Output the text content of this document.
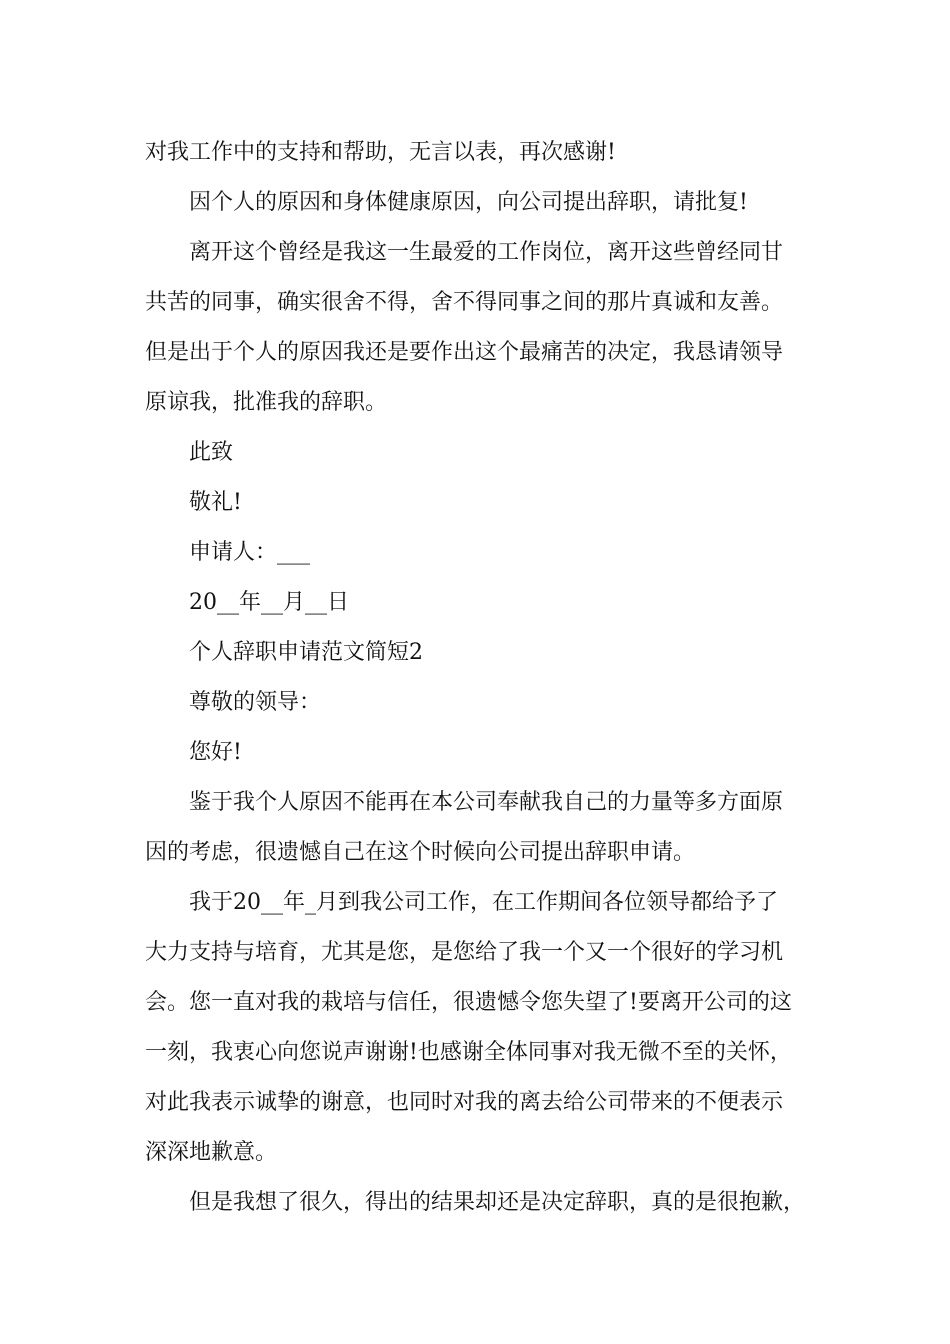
对我工作中的支持和帮助，无言以表，再次感谢!
因个人的原因和身体健康原因，向公司提出辞职，请批复!
离开这个曾经是我这一生最爱的工作岗位，离开这些曾经同甘
共苦的同事，确实很舍不得，舍不得同事之间的那片真诚和友善。
但是出于个人的原因我还是要作出这个最痛苦的决定，我恳请领导
原谅我，批准我的辞职。
此致
敬礼!
申请人：___
20__年__月__日
个人辞职申请范文简短2
尊敬的领导：
您好!
鉴于我个人原因不能再在本公司奉献我自己的力量等多方面原
因的考虑，很遗憾自己在这个时候向公司提出辞职申请。
我于20__年_月到我公司工作，在工作期间各位领导都给予了
大力支持与培育，尤其是您，是您给了我一个又一个很好的学习机
会。您一直对我的栽培与信任，很遗憾令您失望了!要离开公司的这
一刻，我衷心向您说声谢谢!也感谢全体同事对我无微不至的关怀，
对此我表示诚挚的谢意，也同时对我的离去给公司带来的不便表示
深深地歉意。
但是我想了很久，得出的结果却还是决定辞职，真的是很抱歉，
